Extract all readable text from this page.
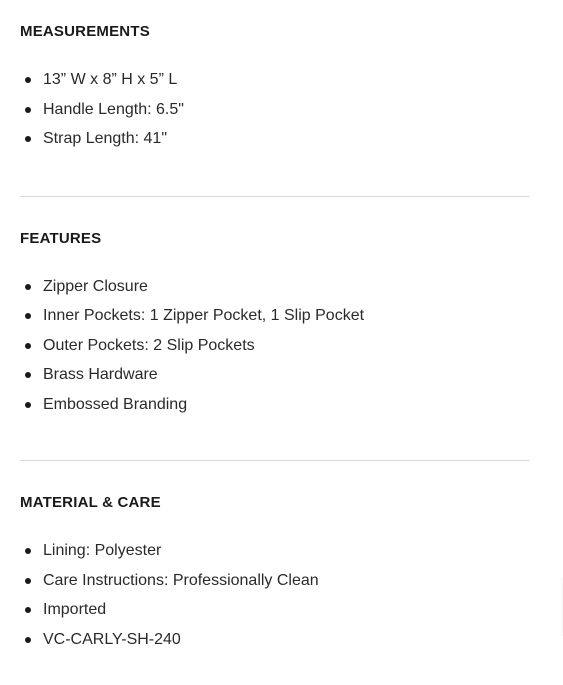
MEASUREMENTS
13” W x 8” H x 5” L
Handle Length: 6.5"
Strap Length: 41"
FEATURES
Zipper Closure
Inner Pockets: 1 Zipper Pocket, 1 Slip Pocket
Outer Pockets: 2 Slip Pockets
Brass Hardware
Embossed Branding
MATERIAL & CARE
Lining: Polyester
Care Instructions: Professionally Clean
Imported
VC-CARLY-SH-240
